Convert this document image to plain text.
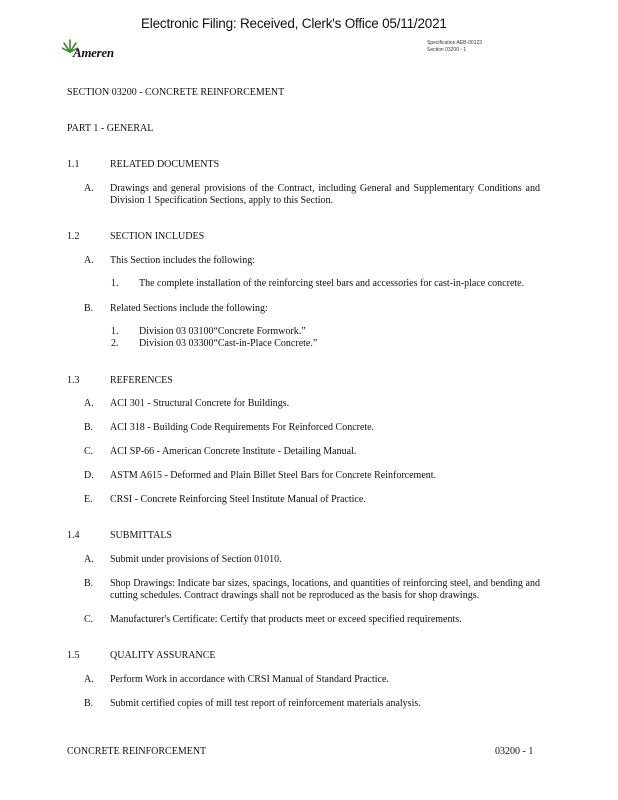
Electronic Filing: Received, Clerk's Office 05/11/2021
Ameren
Specification AEB-00123
Section 03200 - 1
SECTION 03200 - CONCRETE REINFORCEMENT
PART 1 - GENERAL
1.1	RELATED DOCUMENTS
A. Drawings and general provisions of the Contract, including General and Supplementary Conditions and Division 1 Specification Sections, apply to this Section.
1.2	SECTION INCLUDES
A. This Section includes the following:
1. The complete installation of the reinforcing steel bars and accessories for cast-in-place concrete.
B. Related Sections include the following:
1. Division 03 03100“Concrete Formwork.”
2. Division 03 03300“Cast-in-Place Concrete.”
1.3	REFERENCES
A. ACI 301 - Structural Concrete for Buildings.
B. ACI 318 - Building Code Requirements For Reinforced Concrete.
C. ACI SP-66 - American Concrete Institute - Detailing Manual.
D. ASTM A615 - Deformed and Plain Billet Steel Bars for Concrete Reinforcement.
E. CRSI - Concrete Reinforcing Steel Institute Manual of Practice.
1.4	SUBMITTALS
A. Submit under provisions of Section 01010.
B. Shop Drawings: Indicate bar sizes, spacings, locations, and quantities of reinforcing steel, and bending and cutting schedules. Contract drawings shall not be reproduced as the basis for shop drawings.
C. Manufacturer's Certificate: Certify that products meet or exceed specified requirements.
1.5	QUALITY ASSURANCE
A. Perform Work in accordance with CRSI Manual of Standard Practice.
B. Submit certified copies of mill test report of reinforcement materials analysis.
CONCRETE REINFORCEMENT	03200 - 1
